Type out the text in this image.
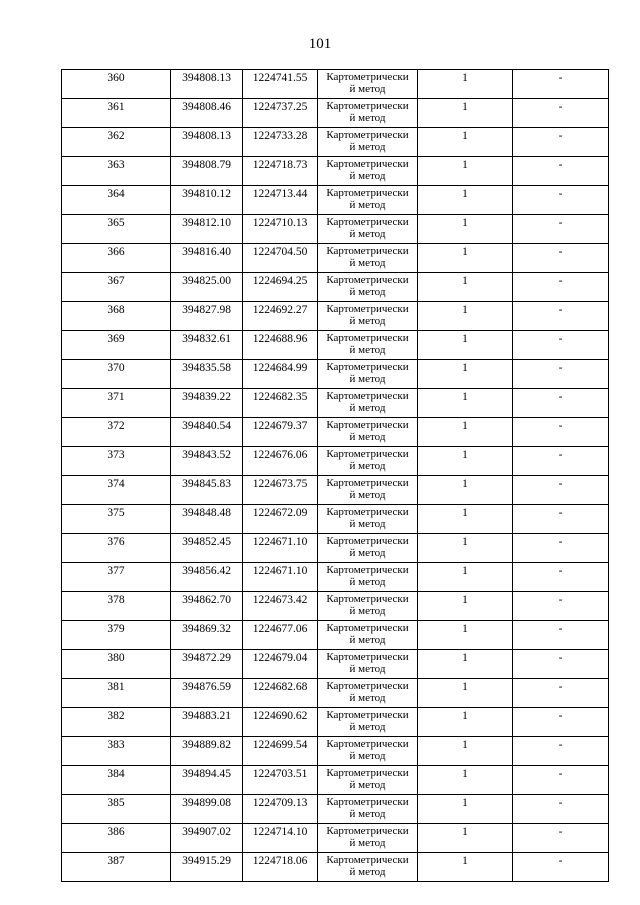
101
360	394808.13	1224741.55	Картометрически
й метод	1	-
361	394808.46	1224737.25	Картометрически
й метод	1	-
362	394808.13	1224733.28	Картометрически
й метод	1	-
363	394808.79	1224718.73	Картометрически
й метод	1	-
364	394810.12	1224713.44	Картометрически
й метод	1	-
365	394812.10	1224710.13	Картометрически
й метод	1	-
366	394816.40	1224704.50	Картометрически
й метод	1	-
367	394825.00	1224694.25	Картометрически
й метод	1	-
368	394827.98	1224692.27	Картометрически
й метод	1	-
369	394832.61	1224688.96	Картометрически
й метод	1	-
370	394835.58	1224684.99	Картометрически
й метод	1	-
371	394839.22	1224682.35	Картометрически
й метод	1	-
372	394840.54	1224679.37	Картометрически
й метод	1	-
373	394843.52	1224676.06	Картометрически
й метод	1	-
374	394845.83	1224673.75	Картометрически
й метод	1	-
375	394848.48	1224672.09	Картометрически
й метод	1	-
376	394852.45	1224671.10	Картометрически
й метод	1	-
377	394856.42	1224671.10	Картометрически
й метод	1	-
378	394862.70	1224673.42	Картометрически
й метод	1	-
379	394869.32	1224677.06	Картометрически
й метод	1	-
380	394872.29	1224679.04	Картометрически
й метод	1	-
381	394876.59	1224682.68	Картометрически
й метод	1	-
382	394883.21	1224690.62	Картометрически
й метод	1	-
383	394889.82	1224699.54	Картометрически
й метод	1	-
384	394894.45	1224703.51	Картометрически
й метод	1	-
385	394899.08	1224709.13	Картометрически
й метод	1	-
386	394907.02	1224714.10	Картометрически
й метод	1	-
387	394915.29	1224718.06	Картометрически
й метод	1	-
